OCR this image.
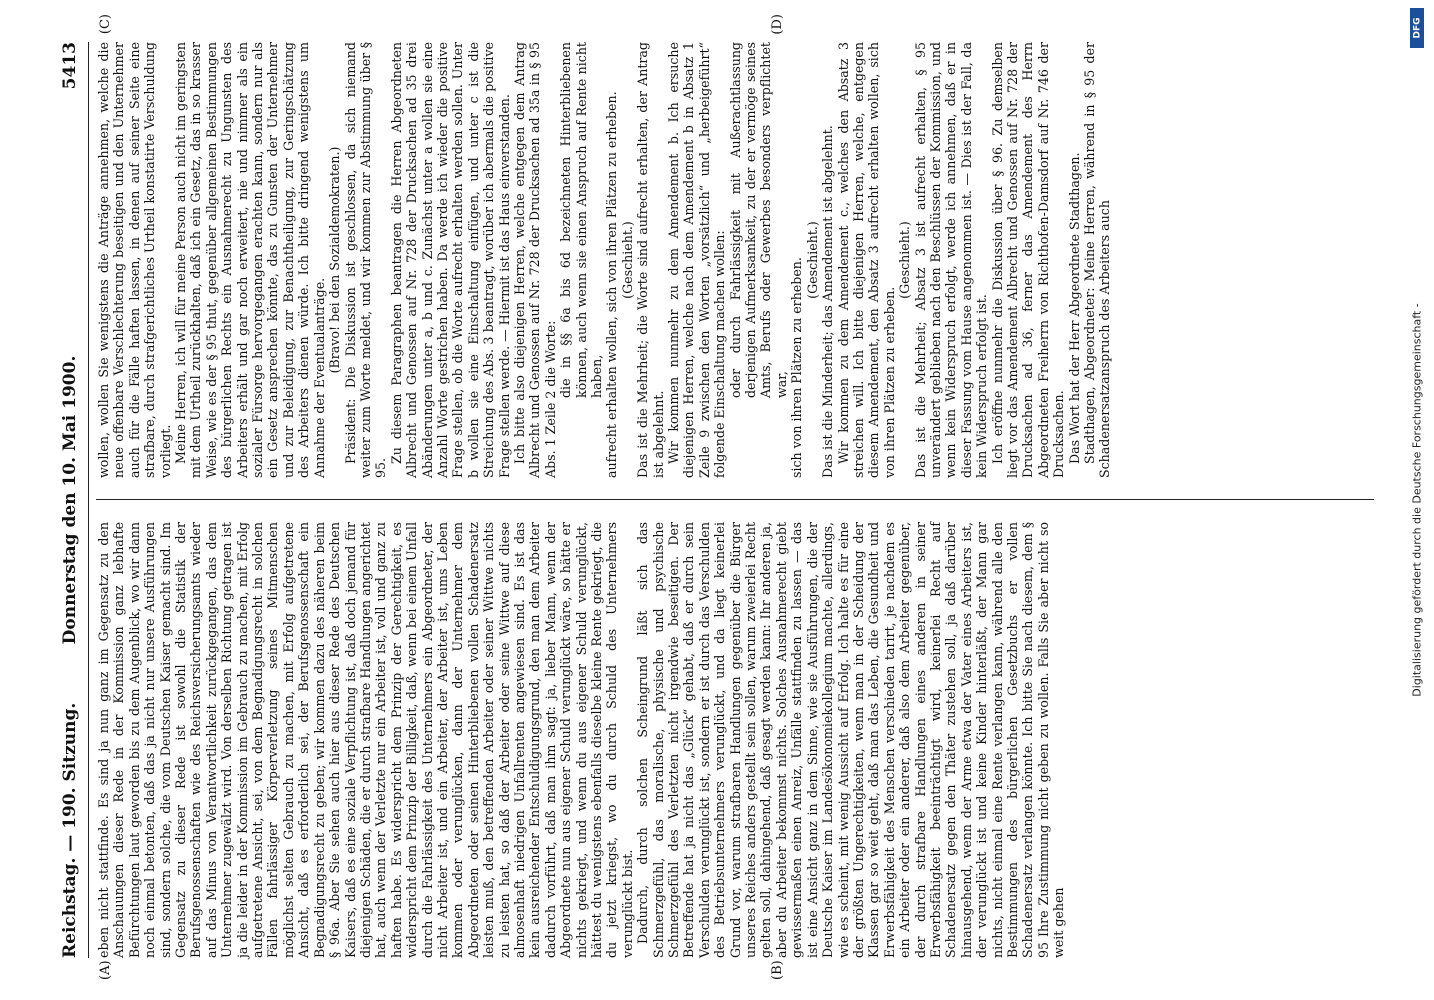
Reichstag. — 190. Sitzung.
Donnerstag den 10. Mai 1900.
5413
(A)	(B)
(C)	(D)

eben nicht stattfinde. Es sind ja nun ganz im Gegensatz zu den Anschauungen dieser Rede in der Kommission ganz lebhafte Befürchtungen laut geworden bis zu dem Augenblick, wo wir dann noch einmal betonten, daß das ja nicht nur unsere Ausführungen sind, sondern solche, die vom Deutschen Kaiser gemacht sind. Im Gegensatz zu dieser Rede ist sowohl die Statistik der Berufsgenossenschaften wie des Reichsversicherungsamts wieder auf das Minus von Verantwortlichkeit zurückgegangen, das dem Unternehmer zugewälzt wird. Von derselben Richtung getragen ist ja die leider in der Kommission im Gebrauch zu machen, mit Erfolg aufgetretene Ansicht, sei, von dem Begnadigungsrecht in solchen Fällen fahrlässiger Körperverletzung seines Mitmenschen möglichst selten Gebrauch zu machen, mit Erfolg aufgetretene Ansicht, daß es erforderlich sei, der Berufsgenossenschaft ein Begnadigungsrecht zu geben; wir kommen dazu des näheren beim § 96a. Aber Sie sehen auch hier aus dieser Rede des Deutschen Kaisers, daß es eine soziale Verpflichtung ist, daß doch jemand für diejenigen Schäden, die er durch strafbare Handlungen angerichtet hat, auch wenn der Verletzte nur ein Arbeiter ist, voll und ganz zu haften habe. Es widerspricht dem Prinzip der Gerechtigkeit, es widerspricht dem Prinzip der Billigkeit, daß, wenn bei einem Unfall durch die Fahrlässigkeit des Unternehmers ein Abgeordneter, der nicht Arbeiter ist, und ein Arbeiter, der Arbeiter ist, ums Leben kommen oder verunglücken, dann der Unternehmer dem Abgeordneten oder seinen Hinterbliebenen vollen Schadenersatz leisten muß, den betreffenden Arbeiter oder seiner Wittwe nichts zu leisten hat, so daß der Arbeiter oder seine Wittwe auf diese almosenhaft niedrigen Unfallrenten angewiesen sind. Es ist das kein ausreichender Entschuldigungsgrund, den man dem Arbeiter dadurch vorführt, daß man ihm sagt: ja, lieber Mann, wenn der Abgeordnete nun aus eigener Schuld verunglückt wäre, so hätte er nichts gekriegt, und wenn du aus eigener Schuld verunglückt, hättest du wenigstens ebenfalls dieselbe kleine Rente gekriegt, die du jetzt kriegst, wo du durch Schuld des Unternehmers verunglückt bist. Dadurch, durch solchen Scheingrund läßt sich das Schmerzgefühl, das moralische, physische und psychische Schmerzgefühl des Verletzten nicht irgendwie beseitigen. Der Betreffende hat ja nicht das „Glück“ gehabt, daß er durch sein Verschulden verunglückt ist, sondern er ist durch das Verschulden des Betriebsunternehmers verunglückt, und da liegt keinerlei Grund vor, warum strafbaren Handlungen gegenüber die Bürger unseres Reiches anders gestellt sein sollen, warum zweierlei Recht gelten soll, dahingehend, daß gesagt werden kann: Ihr anderen ja, aber du Arbeiter bekommst nichts. Solches Ausnahmerecht giebt gewissermaßen einen Anreiz, Unfälle stattfinden zu lassen — das ist eine Ansicht ganz in dem Sinne, wie sie Ausführungen, die der Deutsche Kaiser im Landesökonomiekollegium machte, allerdings, wie es scheint, mit wenig Aussicht auf Erfolg. Ich halte es für eine der größten Ungerechtigkeiten, wenn man in der Scheidung der Klassen gar so weit geht, daß man das Leben, die Gesundheit und Erwerbsfähigkeit des Menschen verschieden tarirt, je nachdem es ein Arbeiter oder ein anderer, daß also dem Arbeiter gegenüber, der durch strafbare Handlungen eines anderen in seiner Erwerbsfähigkeit beeinträchtigt wird, keinerlei Recht auf Schadenersatz gegen den Thäter zustehen soll, ja daß darüber hinausgehend, wenn der Arme etwa der Vater eines Arbeiters ist, der verunglückt ist und keine Kinder hinterläßt, der Mann gar nichts, nicht einmal eine Rente verlangen kann, während alle den Bestimmungen des bürgerlichen Gesetzbuchs er vollen Schadenersatz verlangen könnte. Ich bitte Sie nach diesem, dem § 95 Ihre Zustimmung nicht geben zu wollen. Falls Sie aber nicht so weit gehen

wollen, wollen Sie wenigstens die Anträge annehmen, welche die neue offenbare Verschlechterung beseitigen und den Unternehmer auch für die Fälle haften lassen, in denen auf seiner Seite eine strafbare, durch strafgerichtliches Urtheil konstatirte Verschuldung vorliegt. Meine Herren, ich will für meine Person auch nicht im geringsten mit dem Urtheil zurückhalten, daß ich ein Gesetz, das in so krasser Weise, wie es der § 95 thut, gegenüber allgemeinen Bestimmungen des bürgerlichen Rechts ein Ausnahmerecht zu Ungunsten des Arbeiters erhält und gar noch erweitert, nie und nimmer als ein sozialer Fürsorge hervorgegangen erachten kann, sondern nur als ein Gesetz ansprechen könnte, das zu Gunsten der Unternehmer und zur Beleidigung, zur Benachtheiligung, zur Geringschätzung des Arbeiters dienen würde. Ich bitte dringend wenigstens um Annahme der Eventualanträge.

(Bravo! bei den Sozialdemokraten.) Präsident: Die Diskussion ist geschlossen, da sich niemand weiter zum Worte meldet, und wir kommen zur Abstimmung über § 95.

Zu diesem Paragraphen beantragen die Herren Abgeordneten Albrecht und Genossen auf Nr. 728 der Drucksachen ad 35 drei Abänderungen unter a, b und c. Zunächst unter a wollen sie eine Anzahl Worte gestrichen haben. Da werde ich wieder die positive Frage stellen, ob die Worte aufrecht erhalten werden sollen. Unter b wollen sie eine Einschaltung einfügen, und unter c ist die Streichung des Abs. 3 beantragt, worüber ich abermals die positive Frage stellen werde. — Hiermit ist das Haus einverstanden. Ich bitte also diejenigen Herren, welche entgegen dem Antrag Albrecht und Genossen auf Nr. 728 der Drucksachen ad 35a in § 95 Abs. 1 Zeile 2 die Worte:

die in §§ 6a bis 6d bezeichneten Hinterbliebenen können, auch wenn sie einen Anspruch auf Rente nicht haben, aufrecht erhalten wollen, sich von ihren Plätzen zu erheben. (Geschieht.) Das ist die Mehrheit; die Worte sind aufrecht erhalten, der Antrag ist abgelehnt. Wir kommen nunmehr zu dem Amendement b. Ich ersuche diejenigen Herren, welche nach dem Amendement b in Absatz 1 Zeile 9 zwischen den Worten „vorsätzlich“ und „herbeigeführt“ folgende Einschaltung machen wollen: oder durch Fahrlässigkeit mit Außerachtlassung derjenigen Aufmerksamkeit, zu der er vermöge seines Amts, Berufs oder Gewerbes besonders verpflichtet war, sich von ihren Plätzen zu erheben. (Geschieht.) Das ist die Minderheit; das Amendement ist abgelehnt. Wir kommen zu dem Amendement c., welches den Absatz 3 streichen will. Ich bitte diejenigen Herren, welche, entgegen diesem Amendement, den Absatz 3 aufrecht erhalten wollen, sich von ihren Plätzen zu erheben.

(Geschieht.) Das ist die Mehrheit; Absatz 3 ist aufrecht erhalten, § 95 unverändert geblieben nach den Beschlüssen der Kommission, und wenn kein Widerspruch erfolgt, werde ich annehmen, daß er in dieser Fassung vom Hause angenommen ist. — Dies ist der Fall, da kein Widerspruch erfolgt ist. Ich eröffne nunmehr die Diskussion über § 96. Zu demselben liegt vor das Amendement Albrecht und Genossen auf Nr. 728 der Drucksachen ad 36, ferner das Amendement des Herrn Abgeordneten Freiherrn von Richthofen-Damsdorf auf Nr. 746 der Drucksachen. Das Wort hat der Herr Abgeordnete Stadthagen. Stadthagen, Abgeordneter: Meine Herren, während in § 95 der Schadenersatzanspruch des Arbeiters auch

DFG
Digitalisierung gefördert durch die Deutsche Forschungsgemeinschaft -
